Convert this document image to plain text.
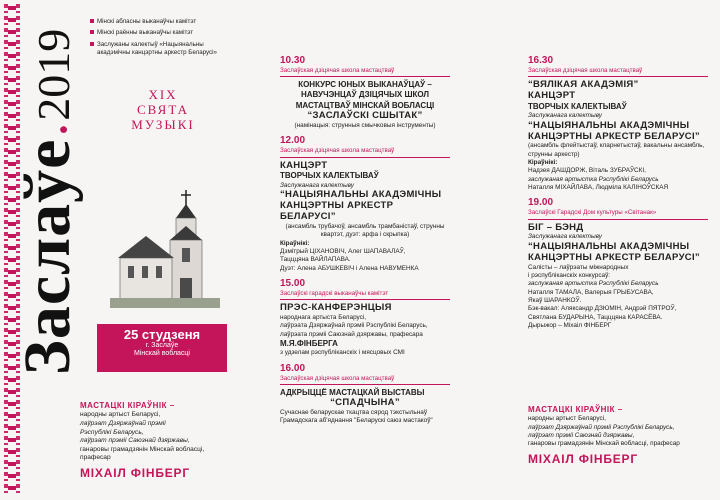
Заслаўе•2019
Мінскі абласны выканаўчы камітэт
Мінскі раённы выканаўчы камітэт
Заслужаны калектыў «Нацыянальны акадэмічны канцэртны аркестр Беларусі»
XIX
СВЯТА
МУЗЫКІ
25 студзеня
г. Заслаўе
Мінскай вобласці
МАСТАЦКІ КІРАЎНІК –
народны артыст Беларусі,
лаўрэат Дзяржаўнай прэміі
Рэспублікі Беларусь,
лаўрэат прэміі Саюзнай дзяржавы,
ганаровы грамадзянін Мінскай вобласці,
прафесар
МІХАІЛ ФІНБЕРГ
10.30
Заслаўская дзіцячая школа мастацтваў
КОНКУРС ЮНЫХ ВЫКАНАЎЦАЎ –
НАВУЧЭНЦАЎ ДЗІЦЯЧЫХ ШКОЛ
МАСТАЦТВАЎ МІНСКАЙ ВОБЛАСЦІ
“ЗАСЛАЎСКІ СШЫТАК”
(намінацыя: струнныя смычковыя інструменты)
12.00
Заслаўская дзіцячая школа мастацтваў
КАНЦЭРТ
ТВОРЧЫХ КАЛЕКТЫВАЎ
Заслужанага калектыву
“НАЦЫЯНАЛЬНЫ АКАДЭМІЧНЫ КАНЦЭРТНЫ АРКЕСТР БЕЛАРУСІ”
(ансамбль трубачоў, ансамбль трамбаністаў, струнны квартэт, дуэт: арфа і скрыпка)
Кіраўнікі:
Дзмітрый ЦІХАНОВІЧ, Алег ШАПАВАЛАЎ,
Тацццяна ВАЙЛАПАВА.
Дуэт: Алена АБУШКЕВІЧ і Алена НАВУМЕНКА
15.00
Заслаўскі гарадскі выканаўчы камітэт
ПРЭС-КАНФЕРЭНЦЫЯ
народнага артыста Беларусі,
лаўрэата Дзяржаўнай прэміі Рэспублікі Беларусь,
лаўрэата прэміі Саюзнай дзяржавы, прафесара
М.Я.ФІНБЕРГА
з удзелам рэспубліканскіх і мясцовых СМІ
16.00
Заслаўская дзіцячая школа мастацтваў
АДКРЫЦЦЁ МАСТАЦКАЙ ВЫСТАВЫ
“СПАДЧЫНА”
Сучаснае беларускае ткацтва сярод тэкстыльнаў
Грамадскага аб'яднання "Беларускі саюз мастакоў"
16.30
Заслаўская дзіцячая школа мастацтваў
“ВЯЛІКАЯ АКАДЭМІЯ”
КАНЦЭРТ
ТВОРЧЫХ КАЛЕКТЫВАЎ
Заслужанага калектыву
“НАЦЫЯНАЛЬНЫ АКАДЭМІЧНЫ КАНЦЭРТНЫ АРКЕСТР БЕЛАРУСІ”
(ансамбль флейтыстаў, кларнетыстаў, вакальны ансамбль, струнны аркестр)
Кіраўнікі:
Надзея ДАШДОРЖ, Віталь ЗУБРАЎСКІ,
заслужаная артыстка Рэспублікі Беларусь
Наталля МІХАЙЛАВА, Людміла КАЛІНОЎСКАЯ
19.00
Заслаўскі Гарадскі Дом культуры «Світанак»
БІГ – БЭНД
Заслужанага калектыву
“НАЦЫЯНАЛЬНЫ АКАДЭМІЧНЫ КАНЦЭРТНЫ АРКЕСТР БЕЛАРУСІ”
Салісты – лаўрэаты міжнародных
і рэспубліканскіх конкурсаў:
заслужаная артыстка Рэспублікі Беларусь
Наталля ТАМАЛА, Валерыя ГРЫБУСАВА,
Якаў ШАРАНКОЎ.
Бэк-вакал: Аляксандр ДЗЮМІН, Андрэй ПЯТРОЎ,
Святлана БУДАРЫНА, Тацццяна КАРАСЁВА.
Дырыжор – Міхаіл ФІНБЕРГ
МАСТАЦКІ КІРАЎНІК –
народны артыст Беларусі,
лаўрэат Дзяржаўнай прэміі Рэспублікі Беларусь,
лаўрэат прэміі Саюзнай дзяржавы,
ганаровы грамадзянін Мінскай вобласці, прафесар
МІХАІЛ ФІНБЕРГ
